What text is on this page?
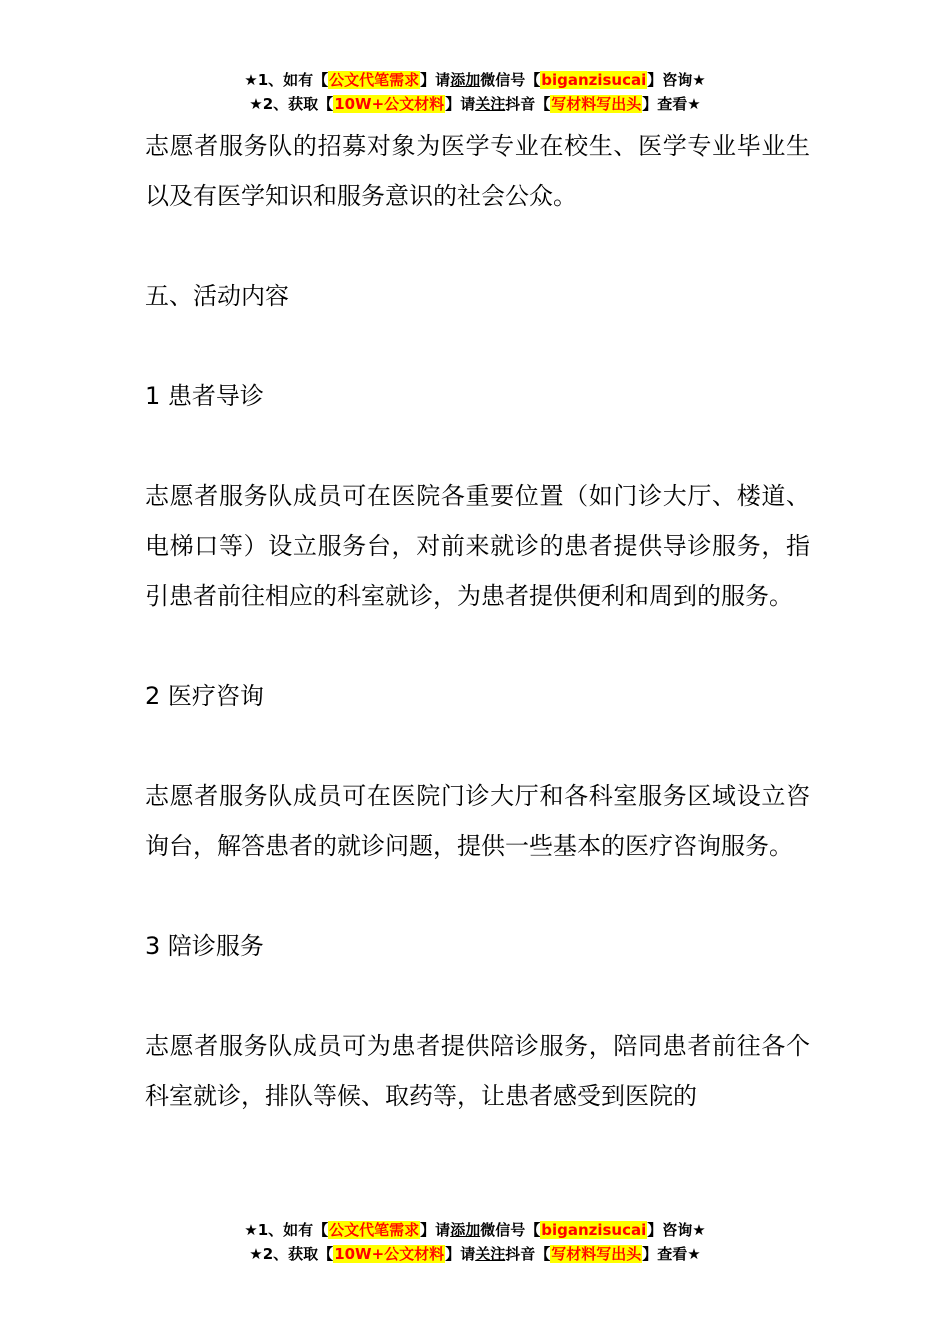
★1、如有【公文代笔需求】请添加微信号【biganzisucai】咨询★
★2、获取【10W+公文材料】请关注抖音【写材料写出头】查看★

志愿者服务队的招募对象为医学专业在校生、医学专业毕业生以及有医学知识和服务意识的社会公众。

五、活动内容

1 患者导诊

志愿者服务队成员可在医院各重要位置（如门诊大厅、楼道、电梯口等）设立服务台，对前来就诊的患者提供导诊服务，指引患者前往相应的科室就诊，为患者提供便利和周到的服务。

2 医疗咨询

志愿者服务队成员可在医院门诊大厅和各科室服务区域设立咨询台，解答患者的就诊问题，提供一些基本的医疗咨询服务。

3 陪诊服务

志愿者服务队成员可为患者提供陪诊服务，陪同患者前往各个科室就诊，排队等候、取药等，让患者感受到医院的

★1、如有【公文代笔需求】请添加微信号【biganzisucai】咨询★
★2、获取【10W+公文材料】请关注抖音【写材料写出头】查看★
